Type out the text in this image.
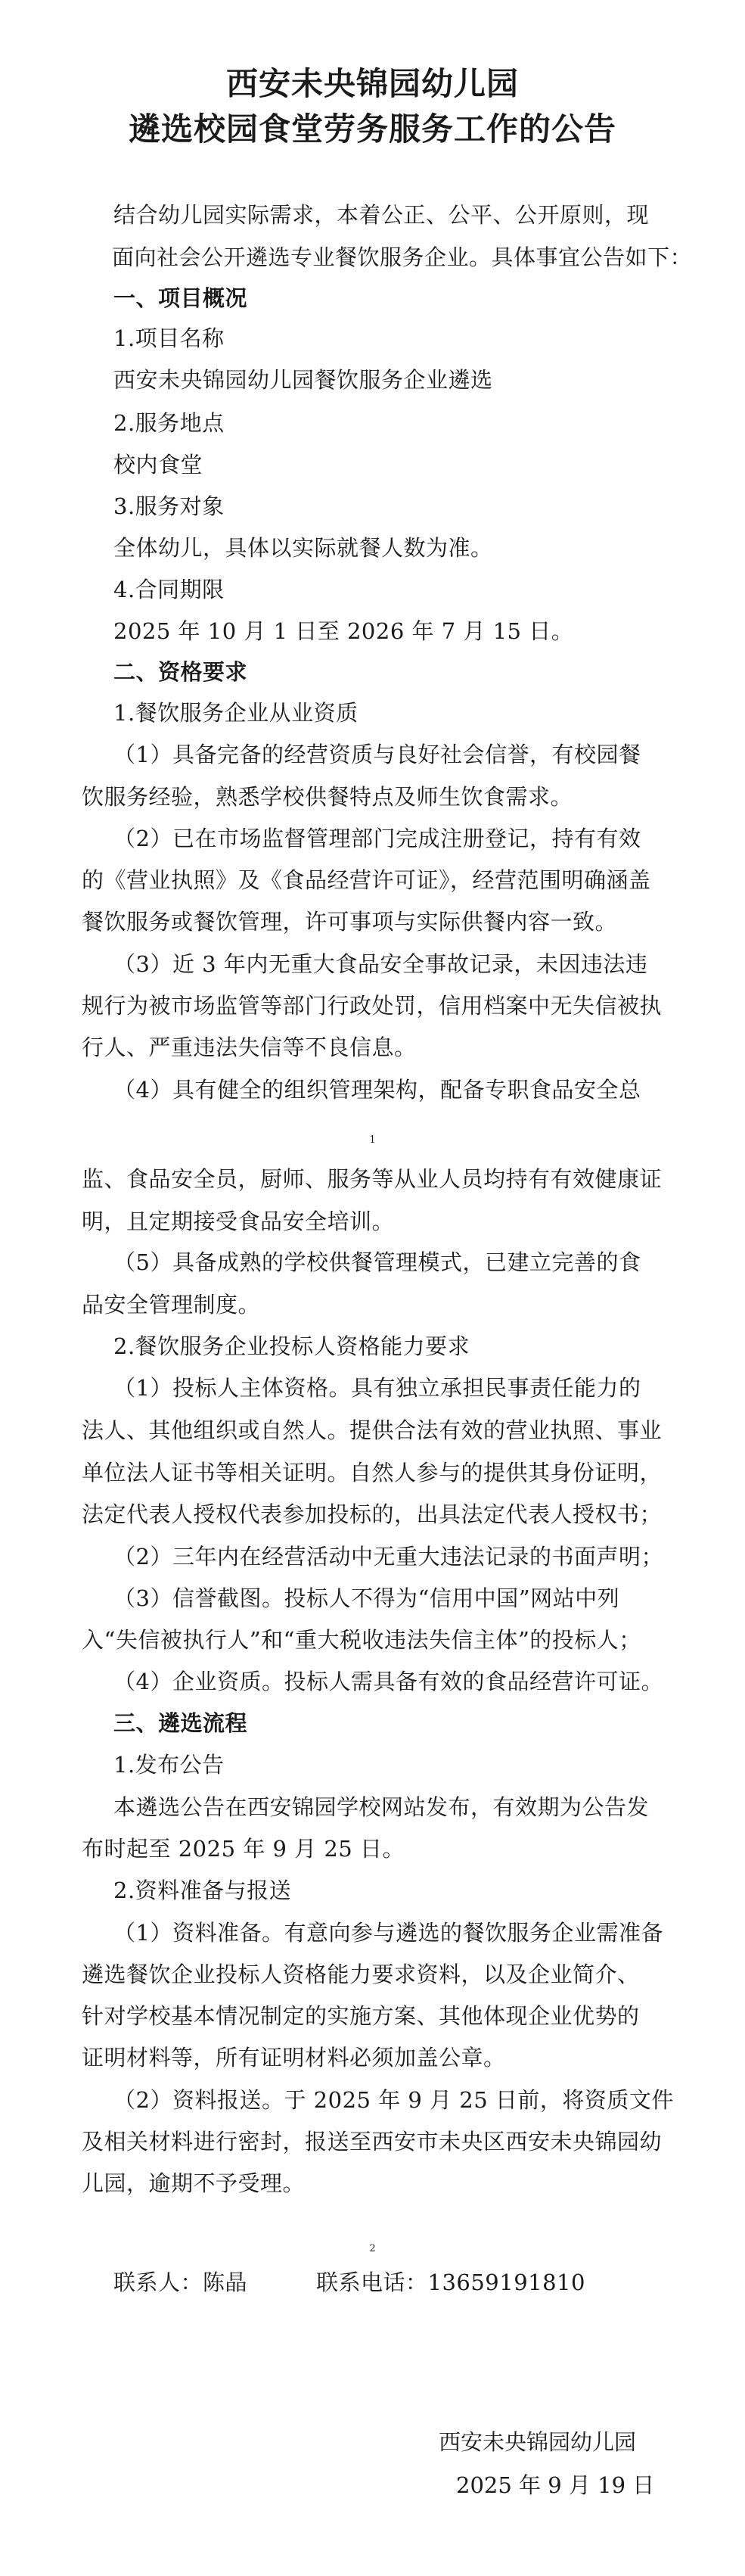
西安未央锦园幼儿园
遴选校园食堂劳务服务工作的公告
结合幼儿园实际需求，本着公正、公平、公开原则，现
面向社会公开遴选专业餐饮服务企业。具体事宜公告如下：
一、项目概况
1.项目名称
西安未央锦园幼儿园餐饮服务企业遴选
2.服务地点
校内食堂
3.服务对象
全体幼儿，具体以实际就餐人数为准。
4.合同期限
2025 年 10 月 1 日至 2026 年 7 月 15 日。
二、资格要求
1.餐饮服务企业从业资质
（1）具备完备的经营资质与良好社会信誉，有校园餐
饮服务经验，熟悉学校供餐特点及师生饮食需求。
（2）已在市场监督管理部门完成注册登记，持有有效
的《营业执照》及《食品经营许可证》，经营范围明确涵盖
餐饮服务或餐饮管理，许可事项与实际供餐内容一致。
（3）近 3 年内无重大食品安全事故记录，未因违法违
规行为被市场监管等部门行政处罚，信用档案中无失信被执
行人、严重违法失信等不良信息。
（4）具有健全的组织管理架构，配备专职食品安全总
1
监、食品安全员，厨师、服务等从业人员均持有有效健康证
明，且定期接受食品安全培训。
（5）具备成熟的学校供餐管理模式，已建立完善的食
品安全管理制度。
2.餐饮服务企业投标人资格能力要求
（1）投标人主体资格。具有独立承担民事责任能力的
法人、其他组织或自然人。提供合法有效的营业执照、事业
单位法人证书等相关证明。自然人参与的提供其身份证明，
法定代表人授权代表参加投标的，出具法定代表人授权书；
（2）三年内在经营活动中无重大违法记录的书面声明；
（3）信誉截图。投标人不得为“信用中国”网站中列
入“失信被执行人”和“重大税收违法失信主体”的投标人；
（4）企业资质。投标人需具备有效的食品经营许可证。
三、遴选流程
1.发布公告
本遴选公告在西安锦园学校网站发布，有效期为公告发
布时起至 2025 年 9 月 25 日。
2.资料准备与报送
（1）资料准备。有意向参与遴选的餐饮服务企业需准备
遴选餐饮企业投标人资格能力要求资料，以及企业简介、
针对学校基本情况制定的实施方案、其他体现企业优势的
证明材料等，所有证明材料必须加盖公章。
（2）资料报送。于 2025 年 9 月 25 日前，将资质文件
及相关材料进行密封，报送至西安市未央区西安未央锦园幼
儿园，逾期不予受理。
2
联系人：陈晶	联系电话：13659191810
西安未央锦园幼儿园
2025 年 9 月 19 日
